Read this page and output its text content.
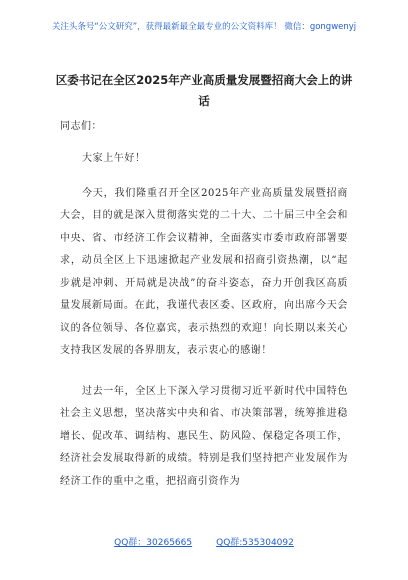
关注头条号“公文研究”，获得最新最全最专业的公文资料库！ 微信：gongwenyj
区委书记在全区2025年产业高质量发展暨招商大会上的讲话

同志们：

大家上午好！

今天，我们隆重召开全区2025年产业高质量发展暨招商大会，目的就是深入贯彻落实党的二十大、二十届三中全会和中央、省、市经济工作会议精神，全面落实市委市政府部署要求，动员全区上下迅速掀起产业发展和招商引资热潮，以“起步就是冲刺、开局就是决战”的奋斗姿态，奋力开创我区高质量发展新局面。在此，我谨代表区委、区政府，向出席今天会议的各位领导、各位嘉宾，表示热烈的欢迎！向长期以来关心支持我区发展的各界朋友，表示衷心的感谢！

过去一年，全区上下深入学习贯彻习近平新时代中国特色社会主义思想，坚决落实中央和省、市决策部署，统筹推进稳增长、促改革、调结构、惠民生、防风险、保稳定各项工作，经济社会发展取得新的成绩。特别是我们坚持把产业发展作为经济工作的重中之重，把招商引资作为

QQ群：30265665	QQ群:535304092
